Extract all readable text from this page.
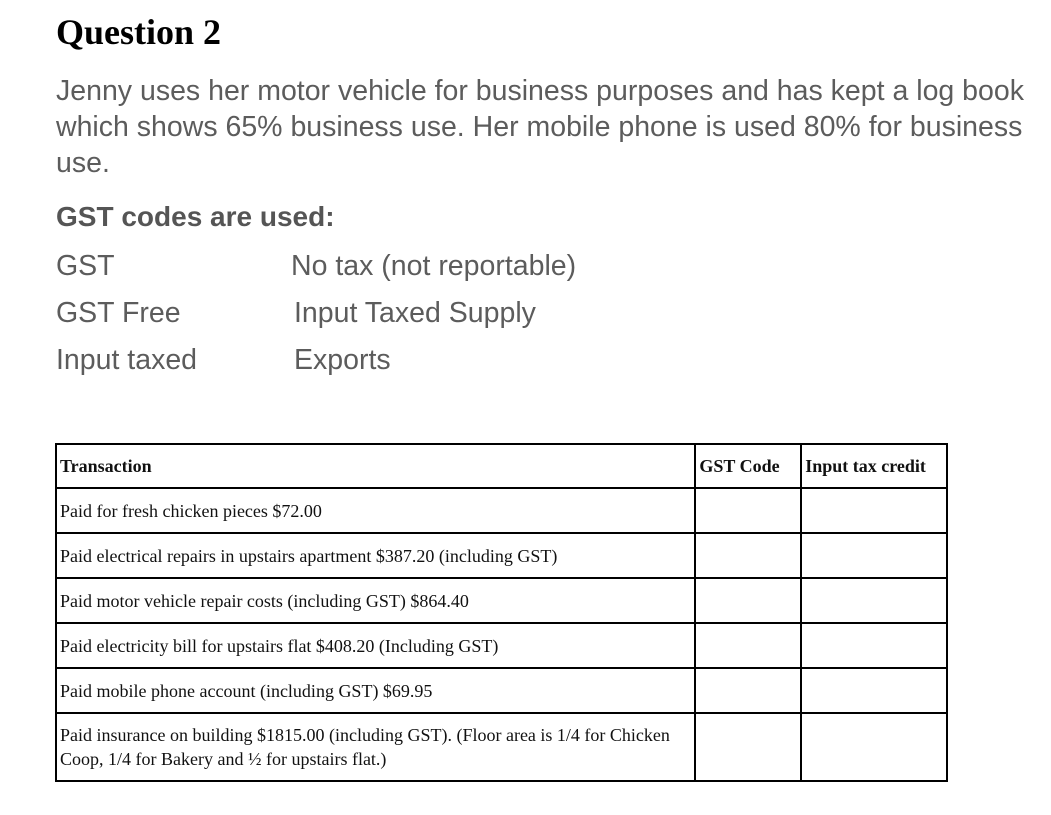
Question 2

Jenny uses her motor vehicle for business purposes and has kept a log book which shows 65% business use. Her mobile phone is used 80% for business use.

GST codes are used:

GST	No tax (not reportable)

GST Free	Input Taxed Supply

Input taxed	Exports

Transaction	GST Code	Input tax credit
Paid for fresh chicken pieces $72.00		
Paid electrical repairs in upstairs apartment $387.20 (including GST)		
Paid motor vehicle repair costs (including GST) $864.40		
Paid electricity bill for upstairs flat $408.20 (Including GST)		
Paid mobile phone account (including GST) $69.95		
Paid insurance on building $1815.00 (including GST). (Floor area is 1/4 for Chicken Coop, 1/4 for Bakery and ½ for upstairs flat.)		
